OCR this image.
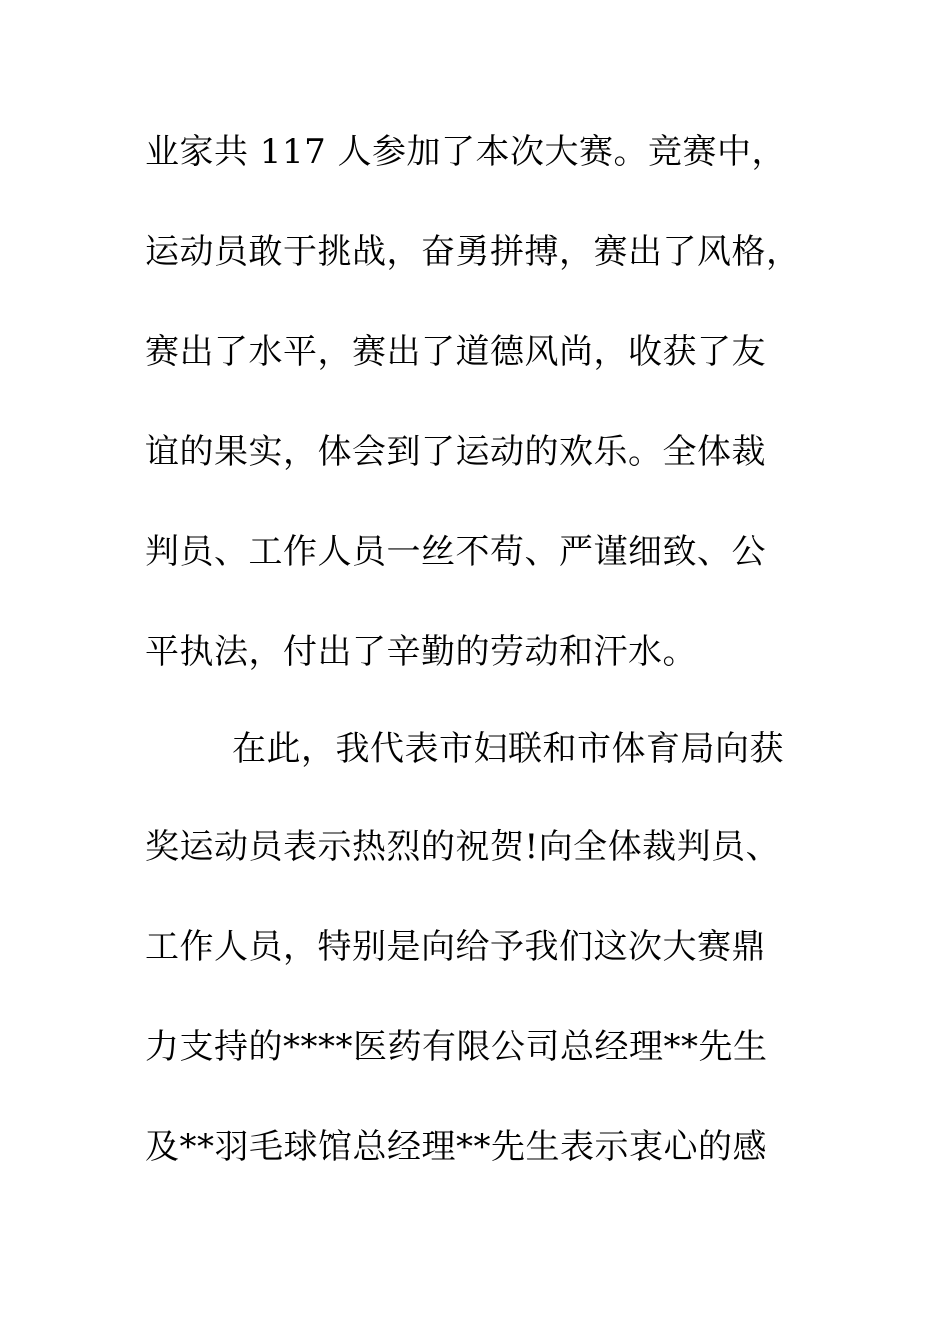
业家共 117 人参加了本次大赛。竞赛中，
运动员敢于挑战，奋勇拼搏，赛出了风格，
赛出了水平，赛出了道德风尚，收获了友
谊的果实，体会到了运动的欢乐。全体裁
判员、工作人员一丝不苟、严谨细致、公
平执法，付出了辛勤的劳动和汗水。
在此，我代表市妇联和市体育局向获
奖运动员表示热烈的祝贺!向全体裁判员、
工作人员，特别是向给予我们这次大赛鼎
力支持的****医药有限公司总经理**先生
及**羽毛球馆总经理**先生表示衷心的感
